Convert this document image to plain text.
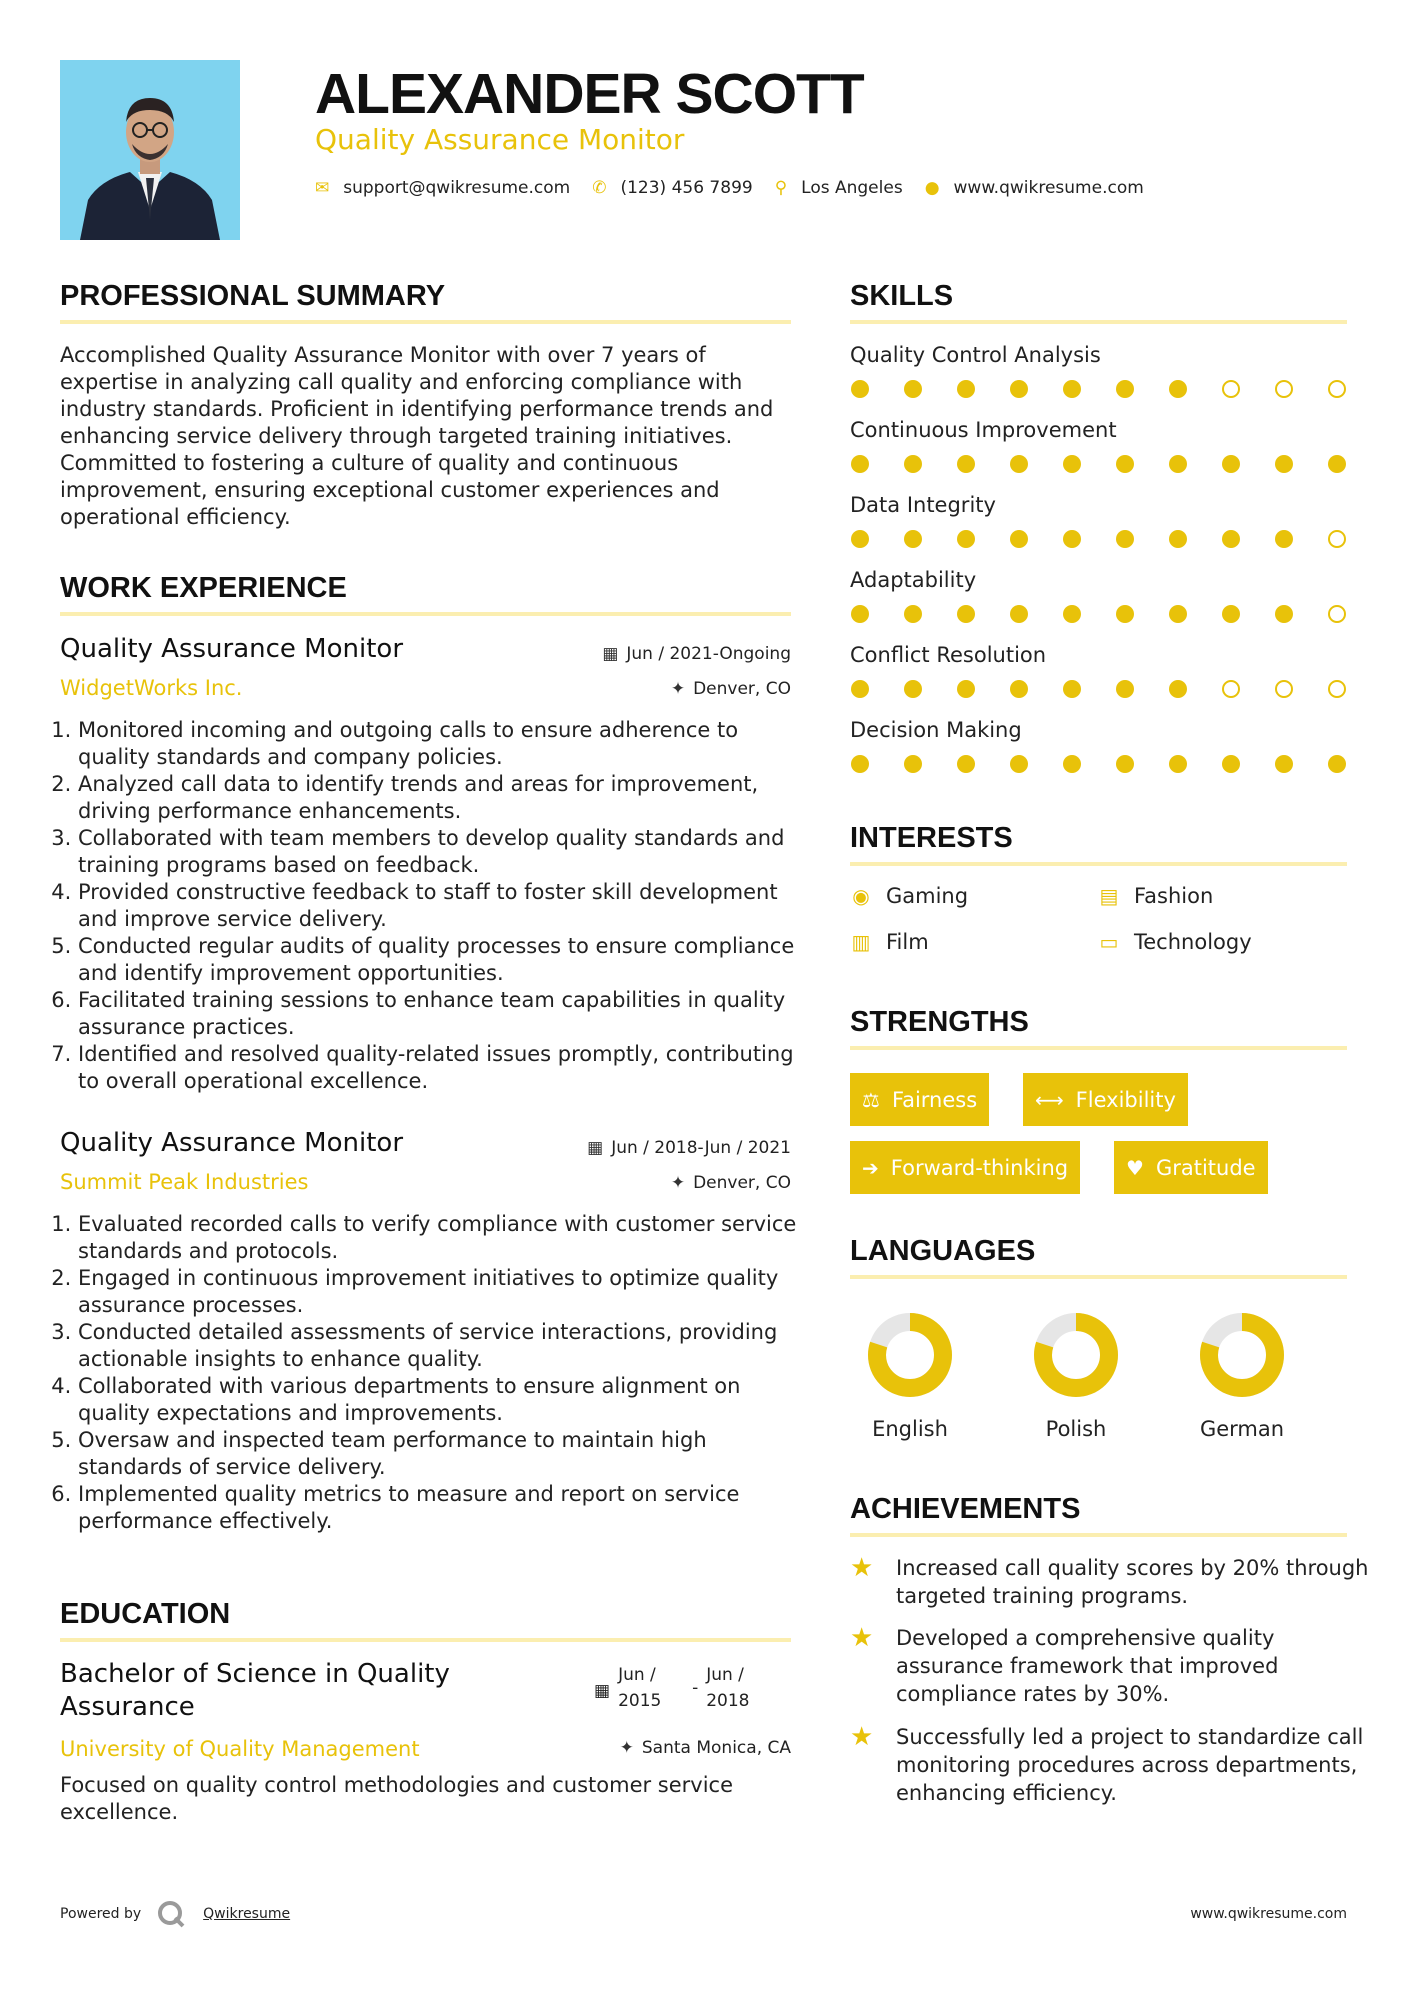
ALEXANDER SCOTT
Quality Assurance Monitor
✉ support@qwikresume.com ✆ (123) 456 7899 ⚲ Los Angeles ● www.qwikresume.com
PROFESSIONAL SUMMARY
Accomplished Quality Assurance Monitor with over 7 years of expertise in analyzing call quality and enforcing compliance with industry standards. Proficient in identifying performance trends and enhancing service delivery through targeted training initiatives. Committed to fostering a culture of quality and continuous improvement, ensuring exceptional customer experiences and operational efficiency.
WORK EXPERIENCE
Quality Assurance Monitor	▦ Jun / 2021-Ongoing
WidgetWorks Inc.	✦ Denver, CO
1. Monitored incoming and outgoing calls to ensure adherence to quality standards and company policies.
2. Analyzed call data to identify trends and areas for improvement, driving performance enhancements.
3. Collaborated with team members to develop quality standards and training programs based on feedback.
4. Provided constructive feedback to staff to foster skill development and improve service delivery.
5. Conducted regular audits of quality processes to ensure compliance and identify improvement opportunities.
6. Facilitated training sessions to enhance team capabilities in quality assurance practices.
7. Identified and resolved quality-related issues promptly, contributing to overall operational excellence.
Quality Assurance Monitor	▦ Jun / 2018-Jun / 2021
Summit Peak Industries	✦ Denver, CO
1. Evaluated recorded calls to verify compliance with customer service standards and protocols.
2. Engaged in continuous improvement initiatives to optimize quality assurance processes.
3. Conducted detailed assessments of service interactions, providing actionable insights to enhance quality.
4. Collaborated with various departments to ensure alignment on quality expectations and improvements.
5. Oversaw and inspected team performance to maintain high standards of service delivery.
6. Implemented quality metrics to measure and report on service performance effectively.
EDUCATION
Bachelor of Science in Quality Assurance
▦
Jun / 2015
-
Jun / 2018
University of Quality Management	✦ Santa Monica, CA
Focused on quality control methodologies and customer service excellence.
SKILLS
Quality Control Analysis
Continuous Improvement
Data Integrity
Adaptability
Conflict Resolution
Decision Making
INTERESTS
◉ Gaming	▤ Fashion
▥ Film	▭ Technology
STRENGTHS
⚖ Fairness	⟷ Flexibility
➔ Forward-thinking	♥ Gratitude
LANGUAGES
English	Polish	German
ACHIEVEMENTS
★	Increased call quality scores by 20% through targeted training programs.
★	Developed a comprehensive quality assurance framework that improved compliance rates by 30%.
★	Successfully led a project to standardize call monitoring procedures across departments, enhancing efficiency.
Powered by	Qwikresume	www.qwikresume.com
